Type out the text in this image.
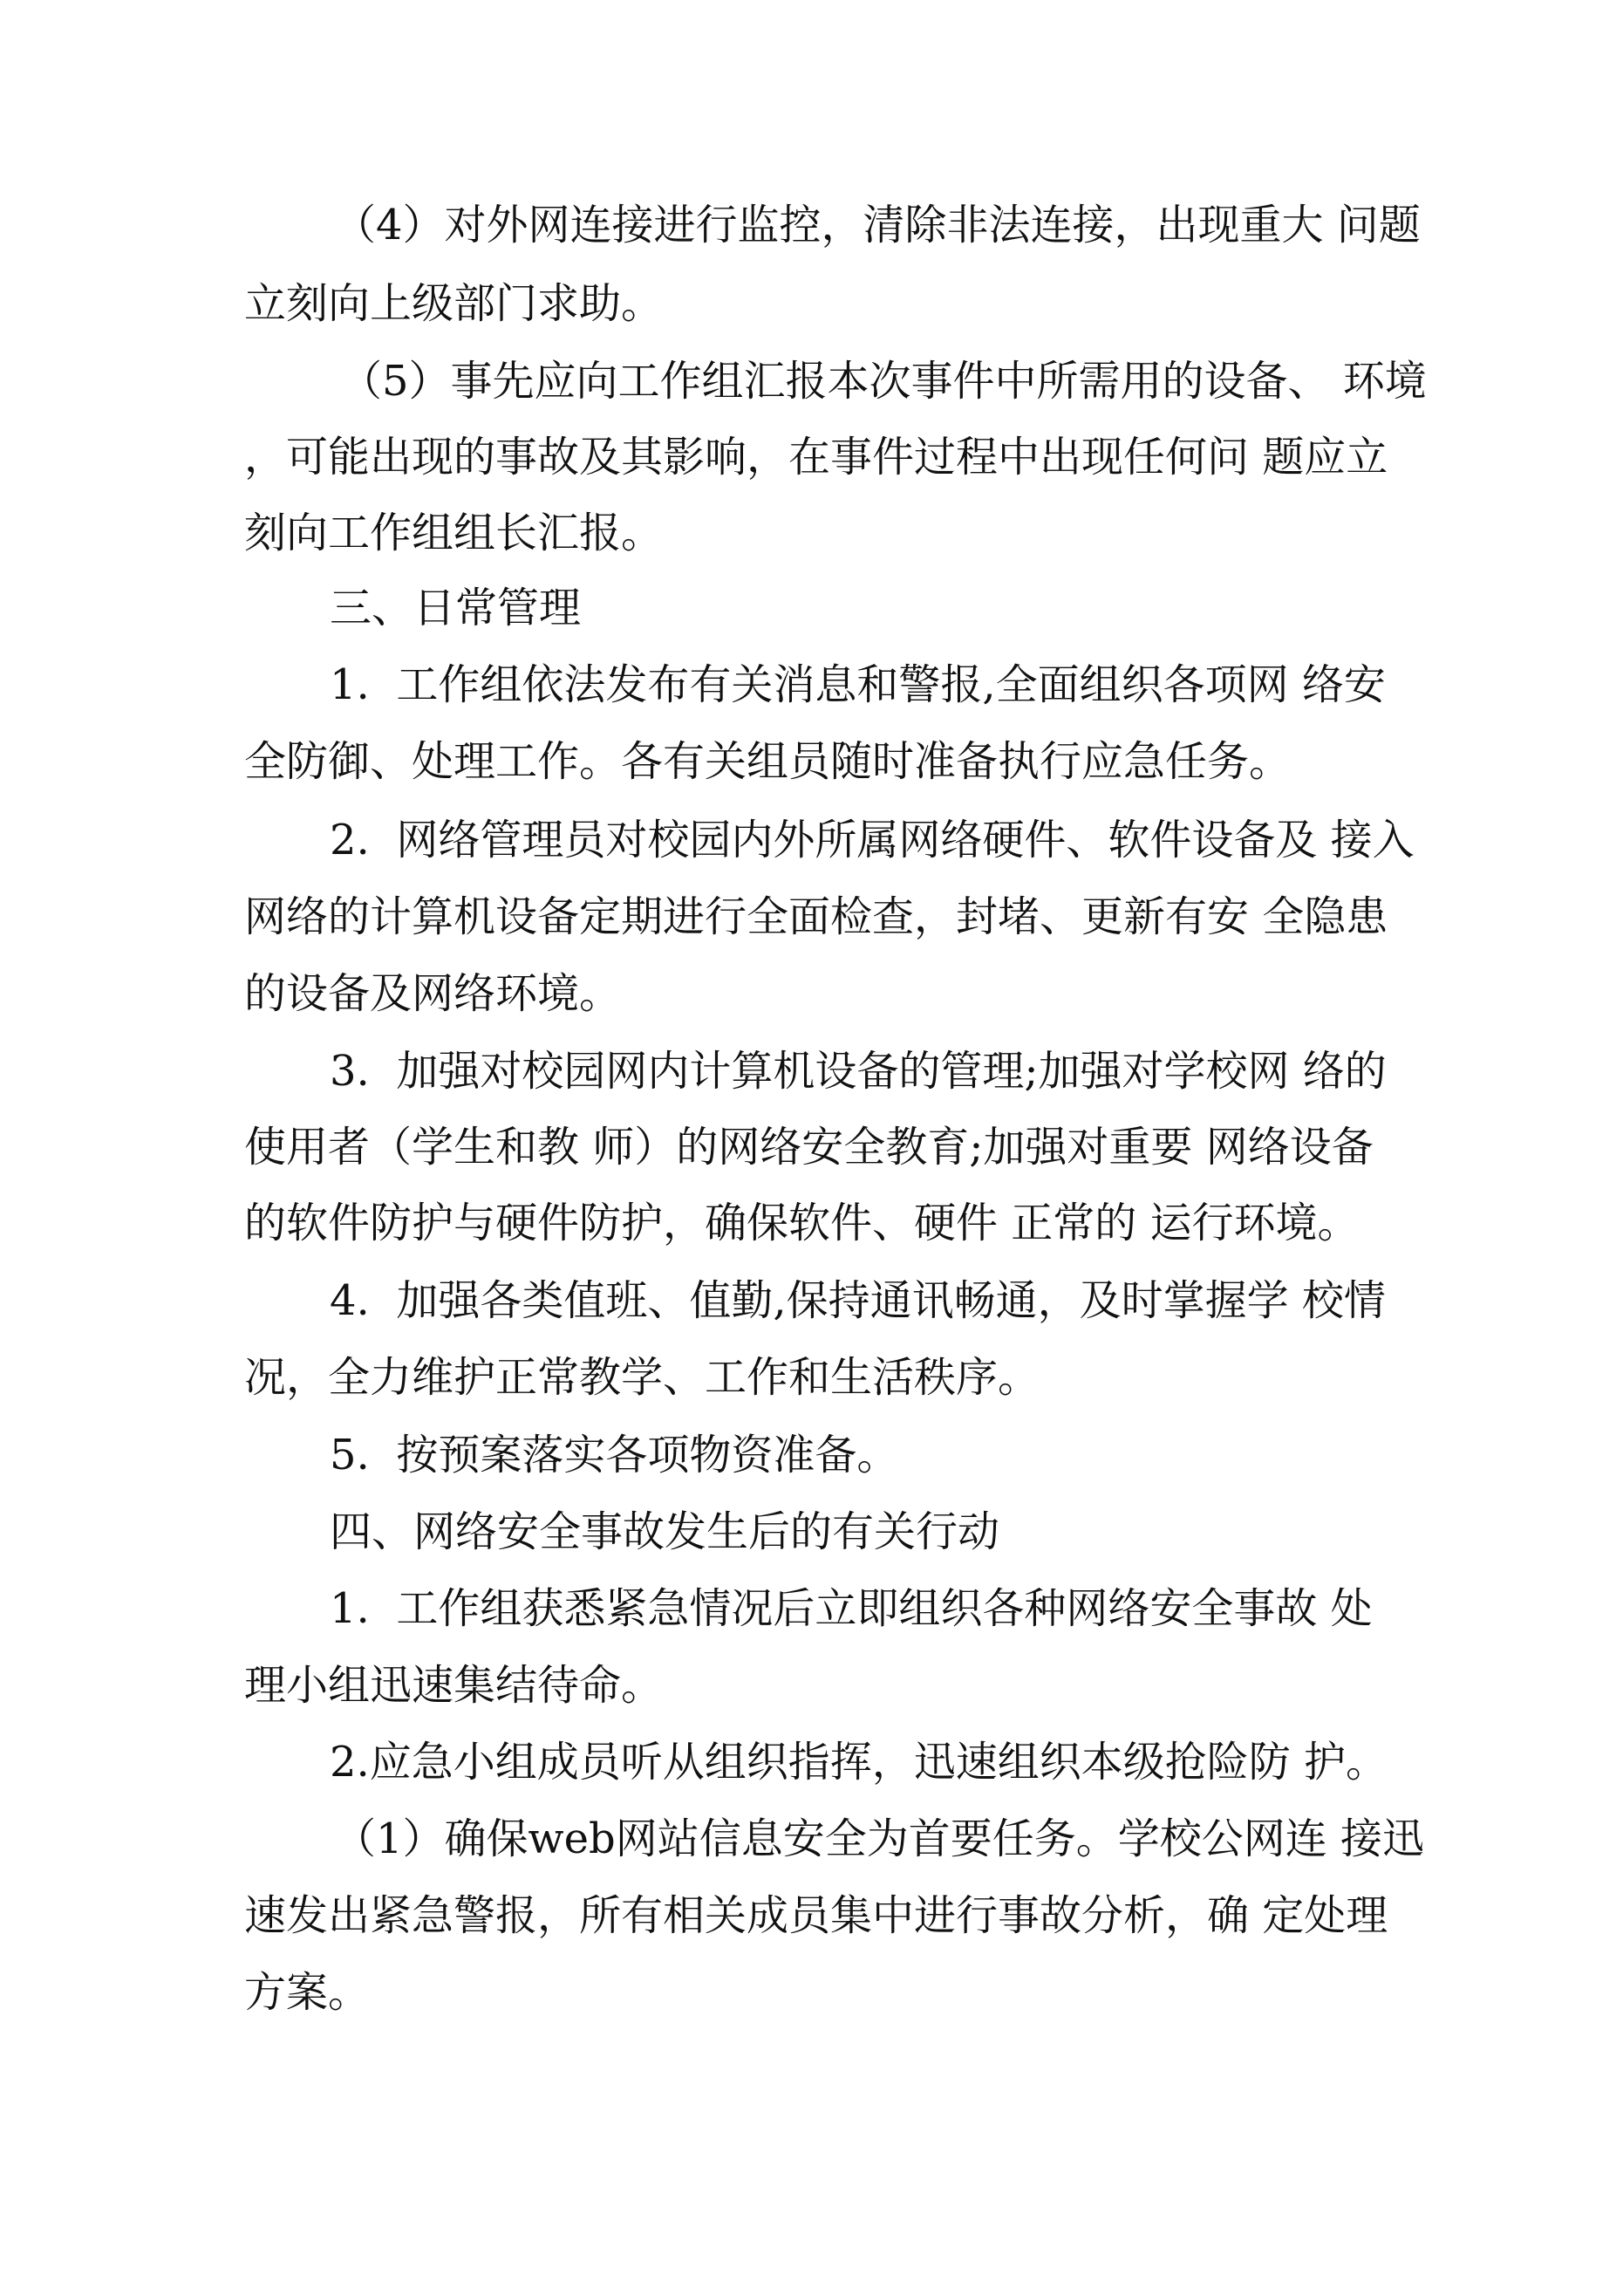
（4）对外网连接进行监控，清除非法连接，出现重大 问题

立刻向上级部门求助。

（5）事先应向工作组汇报本次事件中所需用的设备、 环境

，可能出现的事故及其影响，在事件过程中出现任何问 题应立

刻向工作组组长汇报。

三、日常管理

1.  工作组依法发布有关消息和警报,全面组织各项网 络安

全防御、处理工作。各有关组员随时准备执行应急任务。

2.  网络管理员对校园内外所属网络硬件、软件设备及 接入

网络的计算机设备定期进行全面检查，封堵、更新有安 全隐患

的设备及网络环境。

3.  加强对校园网内计算机设备的管理;加强对学校网 络的

使用者（学生和教 师）的网络安全教育;加强对重要 网络设备

的软件防护与硬件防护，确保软件、硬件 正常的 运行环境。

4.  加强各类值班、值勤,保持通讯畅通，及时掌握学 校情

况，全力维护正常教学、工作和生活秩序。

5.  按预案落实各项物资准备。

四、网络安全事故发生后的有关行动

1.  工作组获悉紧急情况后立即组织各种网络安全事故 处

理小组迅速集结待命。

2.应急小组成员听从组织指挥，迅速组织本级抢险防 护。

（1）确保web网站信息安全为首要任务。学校公网连 接迅

速发出紧急警报，所有相关成员集中进行事故分析，确 定处理

方案。
